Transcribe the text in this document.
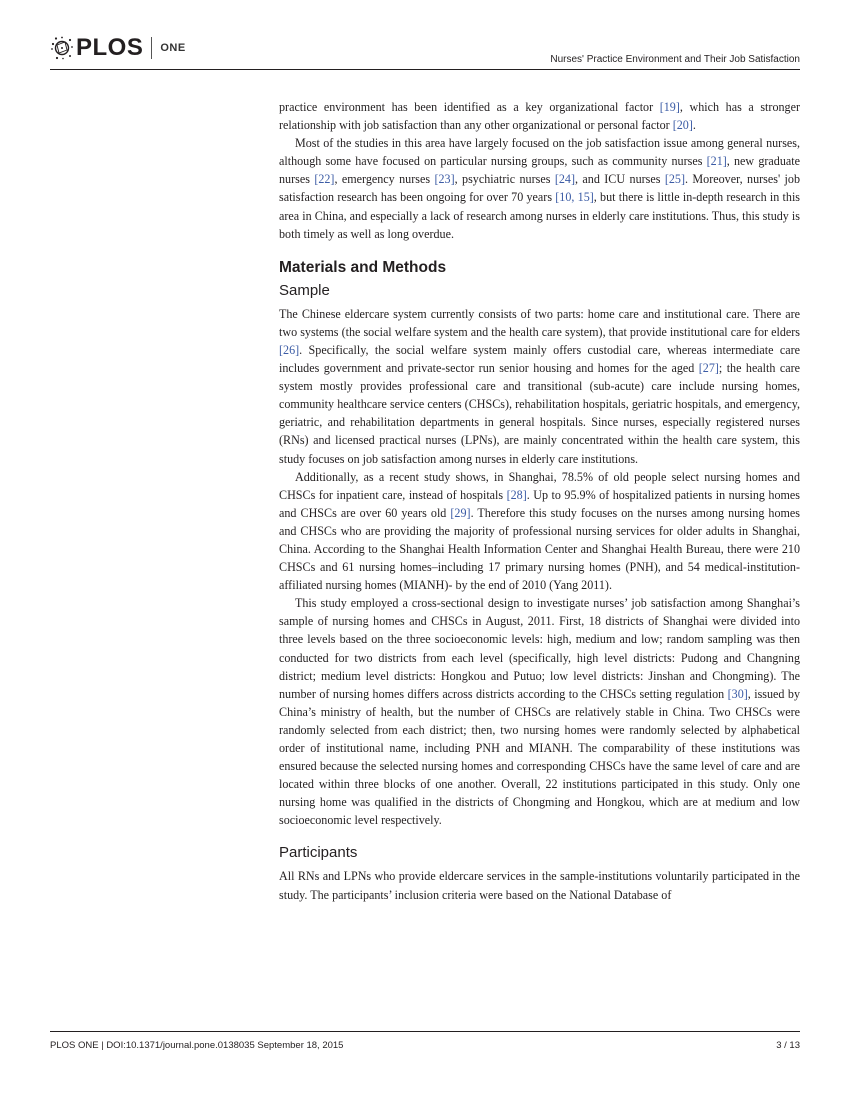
PLOS ONE
Nurses' Practice Environment and Their Job Satisfaction

practice environment has been identified as a key organizational factor [19], which has a stronger relationship with job satisfaction than any other organizational or personal factor [20].

Most of the studies in this area have largely focused on the job satisfaction issue among general nurses, although some have focused on particular nursing groups, such as community nurses [21], new graduate nurses [22], emergency nurses [23], psychiatric nurses [24], and ICU nurses [25]. Moreover, nurses' job satisfaction research has been ongoing for over 70 years [10, 15], but there is little in-depth research in this area in China, and especially a lack of research among nurses in elderly care institutions. Thus, this study is both timely as well as long overdue.

Materials and Methods
Sample

The Chinese eldercare system currently consists of two parts: home care and institutional care. There are two systems (the social welfare system and the health care system), that provide institutional care for elders [26]. Specifically, the social welfare system mainly offers custodial care, whereas intermediate care includes government and private-sector run senior housing and homes for the aged [27]; the health care system mostly provides professional care and transitional (sub-acute) care include nursing homes, community healthcare service centers (CHSCs), rehabilitation hospitals, geriatric hospitals, and emergency, geriatric, and rehabilitation departments in general hospitals. Since nurses, especially registered nurses (RNs) and licensed practical nurses (LPNs), are mainly concentrated within the health care system, this study focuses on job satisfaction among nurses in elderly care institutions.

Additionally, as a recent study shows, in Shanghai, 78.5% of old people select nursing homes and CHSCs for inpatient care, instead of hospitals [28]. Up to 95.9% of hospitalized patients in nursing homes and CHSCs are over 60 years old [29]. Therefore this study focuses on the nurses among nursing homes and CHSCs who are providing the majority of professional nursing services for older adults in Shanghai, China. According to the Shanghai Health Information Center and Shanghai Health Bureau, there were 210 CHSCs and 61 nursing homes–including 17 primary nursing homes (PNH), and 54 medical-institution-affiliated nursing homes (MIANH)- by the end of 2010 (Yang 2011).

This study employed a cross-sectional design to investigate nurses’ job satisfaction among Shanghai’s sample of nursing homes and CHSCs in August, 2011. First, 18 districts of Shanghai were divided into three levels based on the three socioeconomic levels: high, medium and low; random sampling was then conducted for two districts from each level (specifically, high level districts: Pudong and Changning district; medium level districts: Hongkou and Putuo; low level districts: Jinshan and Chongming). The number of nursing homes differs across districts according to the CHSCs setting regulation [30], issued by China’s ministry of health, but the number of CHSCs are relatively stable in China. Two CHSCs were randomly selected from each district; then, two nursing homes were randomly selected by alphabetical order of institutional name, including PNH and MIANH. The comparability of these institutions was ensured because the selected nursing homes and corresponding CHSCs have the same level of care and are located within three blocks of one another. Overall, 22 institutions participated in this study. Only one nursing home was qualified in the districts of Chongming and Hongkou, which are at medium and low socioeconomic level respectively.

Participants

All RNs and LPNs who provide eldercare services in the sample-institutions voluntarily participated in the study. The participants’ inclusion criteria were based on the National Database of

PLOS ONE | DOI:10.1371/journal.pone.0138035 September 18, 2015	3 / 13
